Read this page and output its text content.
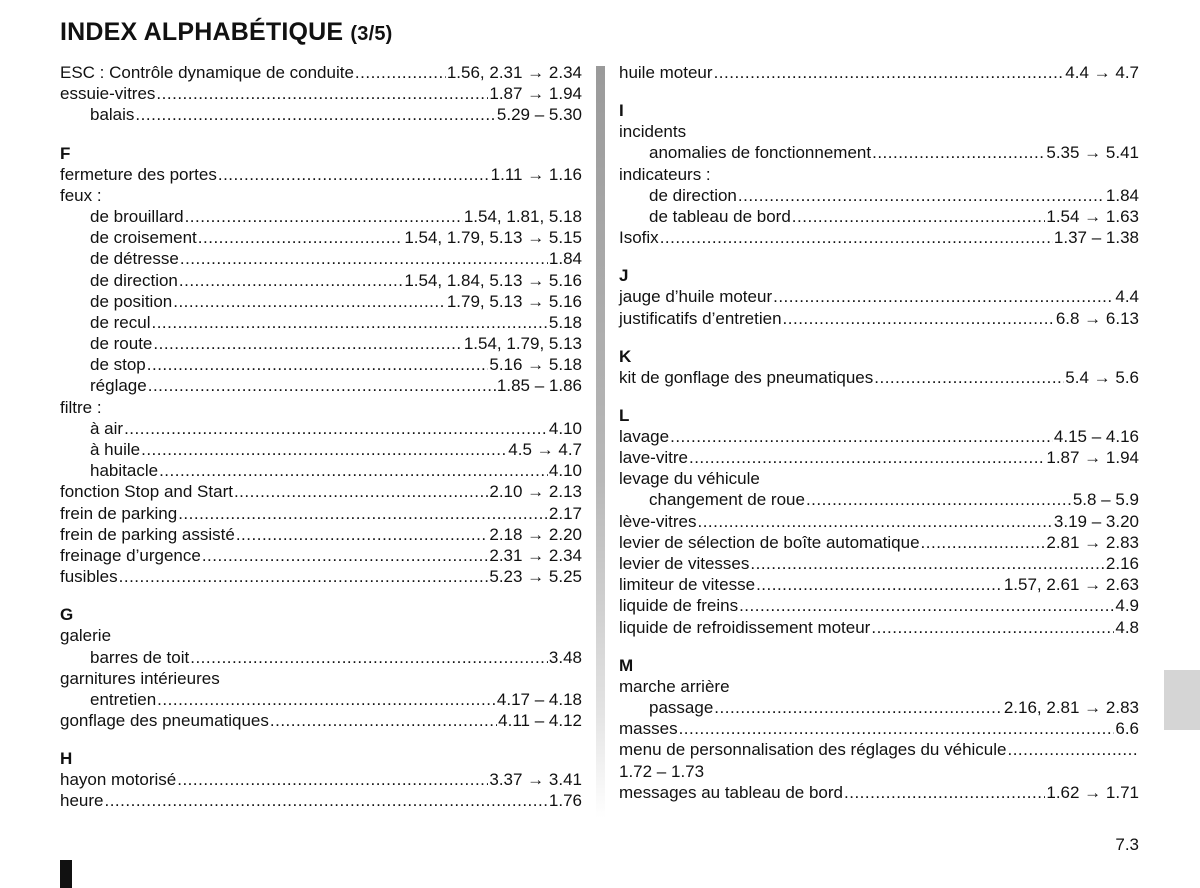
INDEX ALPHABÉTIQUE (3/5)
ESC : Contrôle dynamique de conduite .....	1.56, 2.31 → 2.34
essuie-vitres .....	1.87 → 1.94
balais .....	5.29 – 5.30
F
fermeture des portes .....	1.11 → 1.16
feux :
de brouillard .....	1.54, 1.81, 5.18
de croisement .....	1.54, 1.79, 5.13 → 5.15
de détresse .....	1.84
de direction .....	1.54, 1.84, 5.13 → 5.16
de position .....	1.79, 5.13 → 5.16
de recul .....	5.18
de route .....	1.54, 1.79, 5.13
de stop .....	5.16 → 5.18
réglage .....	1.85 – 1.86
filtre :
à air .....	4.10
à huile .....	4.5 → 4.7
habitacle .....	4.10
fonction Stop and Start .....	2.10 → 2.13
frein de parking .....	2.17
frein de parking assisté .....	2.18 → 2.20
freinage d’urgence .....	2.31 → 2.34
fusibles .....	5.23 → 5.25
G
galerie
barres de toit .....	3.48
garnitures intérieures
entretien .....	4.17 – 4.18
gonflage des pneumatiques .....	4.11 – 4.12
H
hayon motorisé .....	3.37 → 3.41
heure .....	1.76
huile moteur .....	4.4 → 4.7
I
incidents
anomalies de fonctionnement .....	5.35 → 5.41
indicateurs :
de direction .....	1.84
de tableau de bord .....	1.54 → 1.63
Isofix .....	1.37 – 1.38
J
jauge d’huile moteur .....	4.4
justificatifs d’entretien .....	6.8 → 6.13
K
kit de gonflage des pneumatiques .....	5.4 → 5.6
L
lavage .....	4.15 – 4.16
lave-vitre .....	1.87 → 1.94
levage du véhicule
changement de roue .....	5.8 – 5.9
lève-vitres .....	3.19 – 3.20
levier de sélection de boîte automatique .....	2.81 → 2.83
levier de vitesses .....	2.16
limiteur de vitesse .....	1.57, 2.61 → 2.63
liquide de freins .....	4.9
liquide de refroidissement moteur .....	4.8
M
marche arrière
passage .....	2.16, 2.81 → 2.83
masses .....	6.6
menu de personnalisation des réglages du véhicule
.....
1.72 – 1.73
messages au tableau de bord .....	1.62 → 1.71
7.3
